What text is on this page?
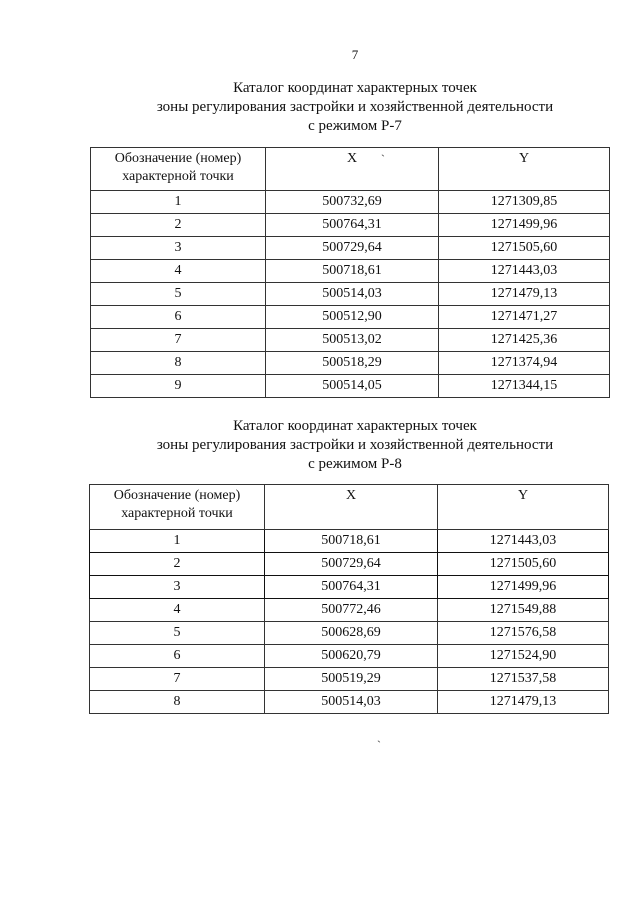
7
Каталог координат характерных точек
зоны регулирования застройки и хозяйственной деятельности
с режимом Р-7
Обозначение (номер) характерной точки	X	Y
1	500732,69	1271309,85
2	500764,31	1271499,96
3	500729,64	1271505,60
4	500718,61	1271443,03
5	500514,03	1271479,13
6	500512,90	1271471,27
7	500513,02	1271425,36
8	500518,29	1271374,94
9	500514,05	1271344,15
Каталог координат характерных точек
зоны регулирования застройки и хозяйственной деятельности
с режимом Р-8
Обозначение (номер) характерной точки	X	Y
1	500718,61	1271443,03
2	500729,64	1271505,60
3	500764,31	1271499,96
4	500772,46	1271549,88
5	500628,69	1271576,58
6	500620,79	1271524,90
7	500519,29	1271537,58
8	500514,03	1271479,13
`
`
